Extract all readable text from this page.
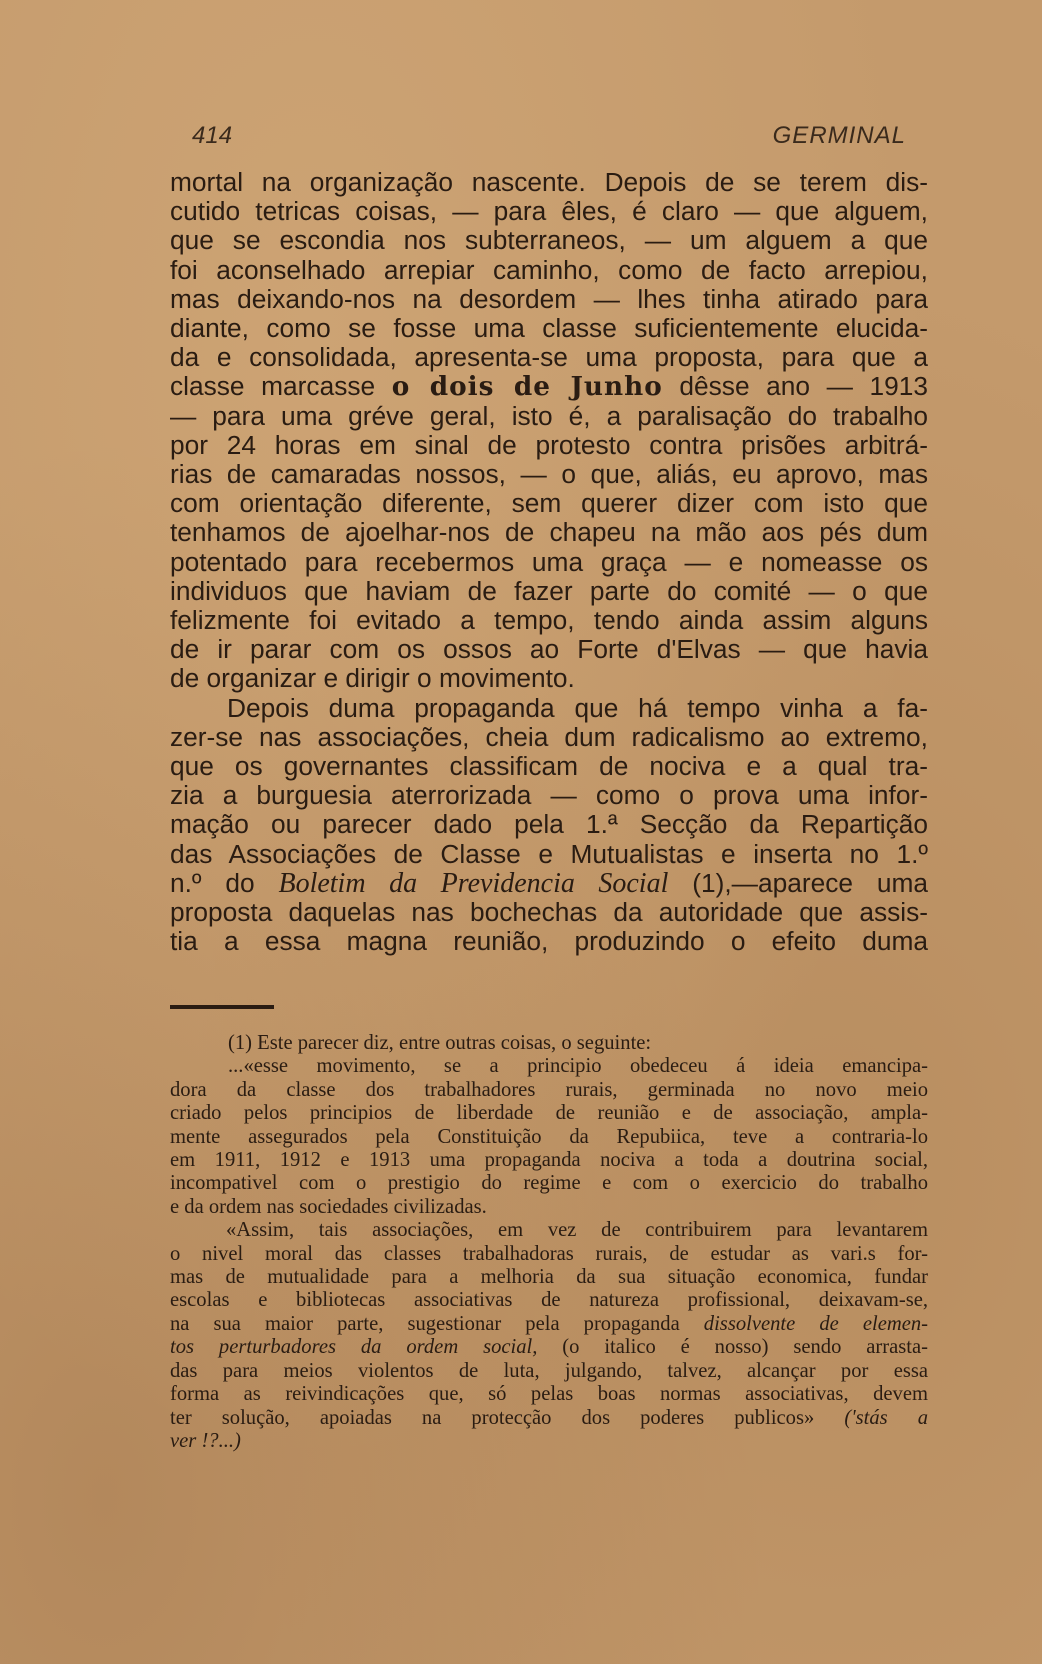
414	GERMINAL
mortal na organização nascente. Depois de se terem dis-
cutido tetricas coisas, — para êles, é claro — que alguem,
que se escondia nos subterraneos, — um alguem a que
foi aconselhado arrepiar caminho, como de facto arrepiou,
mas deixando-nos na desordem — lhes tinha atirado para
diante, como se fosse uma classe suficientemente elucida-
da e consolidada, apresenta-se uma proposta, para que a
classe marcasse o dois de Junho dêsse ano — 1913
— para uma gréve geral, isto é, a paralisação do trabalho
por 24 horas em sinal de protesto contra prisões arbitrá-
rias de camaradas nossos, — o que, aliás, eu aprovo, mas
com orientação diferente, sem querer dizer com isto que
tenhamos de ajoelhar-nos de chapeu na mão aos pés dum
potentado para recebermos uma graça — e nomeasse os
individuos que haviam de fazer parte do comité — o que
felizmente foi evitado a tempo, tendo ainda assim alguns
de ir parar com os ossos ao Forte d'Elvas — que havia
de organizar e dirigir o movimento.
Depois duma propaganda que há tempo vinha a fa-
zer-se nas associações, cheia dum radicalismo ao extremo,
que os governantes classificam de nociva e a qual tra-
zia a burguesia aterrorizada — como o prova uma infor-
mação ou parecer dado pela 1.ª Secção da Repartição
das Associações de Classe e Mutualistas e inserta no 1.º
n.º do Boletim da Previdencia Social (1),—aparece uma
proposta daquelas nas bochechas da autoridade que assis-
tia a essa magna reunião, produzindo o efeito duma
(1) Este parecer diz, entre outras coisas, o seguinte:
...«esse movimento, se a principio obedeceu á ideia emancipa-
dora da classe dos trabalhadores rurais, germinada no novo meio
criado pelos principios de liberdade de reunião e de associação, ampla-
mente assegurados pela Constituição da Repubiica, teve a contraria-lo
em 1911, 1912 e 1913 uma propaganda nociva a toda a doutrina social,
incompativel com o prestigio do regime e com o exercicio do trabalho
e da ordem nas sociedades civilizadas.
«Assim, tais associações, em vez de contribuirem para levantarem
o nivel moral das classes trabalhadoras rurais, de estudar as vari.s for-
mas de mutualidade para a melhoria da sua situação economica, fundar
escolas e bibliotecas associativas de natureza profissional, deixavam-se,
na sua maior parte, sugestionar pela propaganda dissolvente de elemen-
tos perturbadores da ordem social, (o italico é nosso) sendo arrasta-
das para meios violentos de luta, julgando, talvez, alcançar por essa
forma as reivindicações que, só pelas boas normas associativas, devem
ter solução, apoiadas na protecção dos poderes publicos» ('stás a
ver !?...)
